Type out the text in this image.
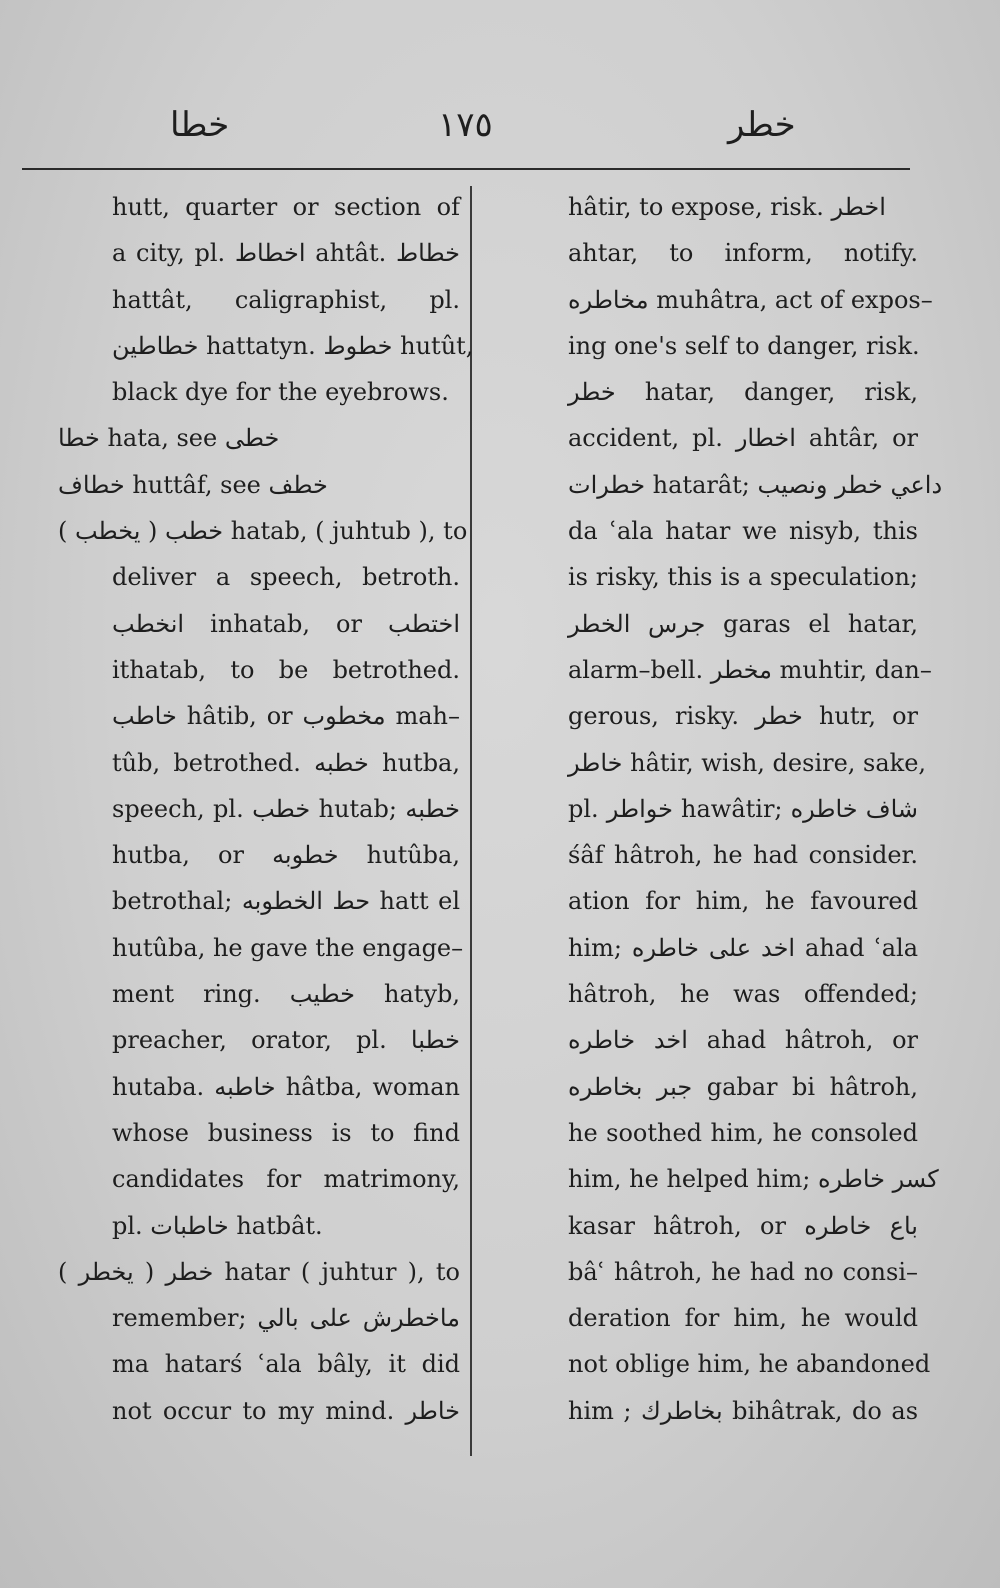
خطا	١٧٥	خطر
hutt, quarter or section of
a city, pl. اخطاط ahtât. خطاط
hattât, caligraphist, pl.
خطاطين hattatyn. خطوط hutût,
black dye for the eyebrows.
خطا hata, see خطى
خطاف huttâf, see خطف
خطب ( يخطب ) hatab, ( juhtub ), to
deliver a speech, betroth.
انخطب inhatab, or اختطب
ithatab, to be betrothed.
خاطب hâtib, or مخطوب mah–
tûb, betrothed. خطبه hutba,
speech, pl. خطب hutab; خطبه
hutba, or خطوبه hutûba,
betrothal; حط الخطوبه hatt el
hutûba, he gave the engage–
ment ring. خطيب hatyb,
preacher, orator, pl. خطبا
hutaba. خاطبه hâtba, woman
whose business is to find
candidates for matrimony,
pl. خاطبات hatbât.
خطر ( يخطر ) hatar ( juhtur ), to
remember; ماخطرش على بالي
ma hatarś ʿala bâly, it did
not occur to my mind. خاطر
hâtir, to expose, risk. اخطر
ahtar, to inform, notify.
مخاطره muhâtra, act of expos–
ing one's self to danger, risk.
خطر hatar, danger, risk,
accident, pl. اخطار ahtâr, or
خطرات hatarât; داعي خطر ونصيب
da ʿala hatar we nisyb, this
is risky, this is a speculation;
جرس الخطر garas el hatar,
alarm–bell. مخطر muhtir, dan–
gerous, risky. خطر hutr, or
خاطر hâtir, wish, desire, sake,
pl. خواطر hawâtir; شاف خاطره
śâf hâtroh, he had consider.
ation for him, he favoured
him; اخد على خاطره ahad ʿala
hâtroh, he was offended;
اخد خاطره ahad hâtroh, or
جبر بخاطره gabar bi hâtroh,
he soothed him, he consoled
him, he helped him; كسر خاطره
kasar hâtroh, or باع خاطره
bâʿ hâtroh, he had no consi–
deration for him, he would
not oblige him, he abandoned
him ; بخاطرك bihâtrak, do as
